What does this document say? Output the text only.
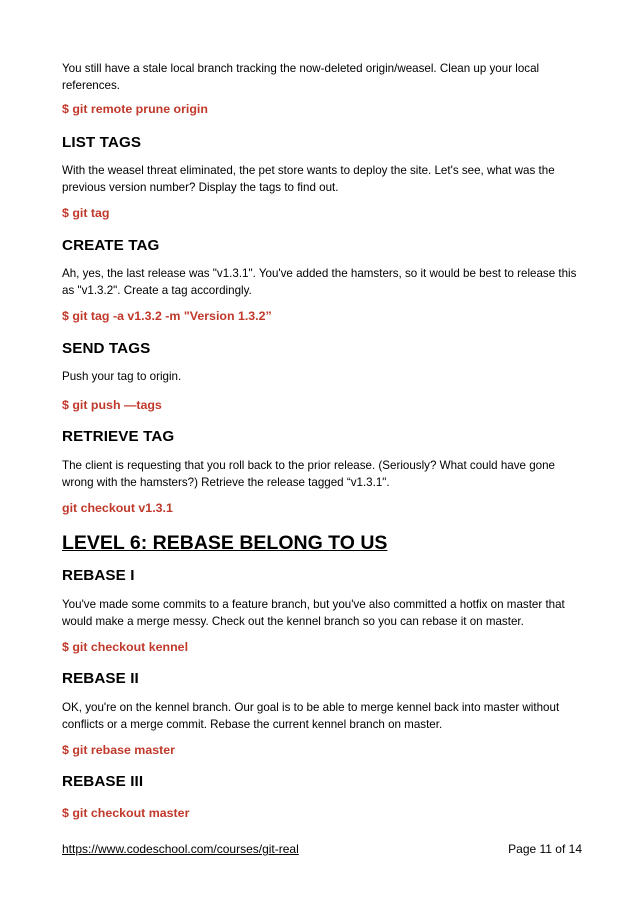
You still have a stale local branch tracking the now-deleted origin/weasel. Clean up your local references.
$ git remote prune origin
LIST TAGS
With the weasel threat eliminated, the pet store wants to deploy the site. Let's see, what was the previous version number? Display the tags to find out.
$ git tag
CREATE TAG
Ah, yes, the last release was "v1.3.1". You've added the hamsters, so it would be best to release this as "v1.3.2". Create a tag accordingly.
$ git tag -a v1.3.2 -m "Version 1.3.2”
SEND TAGS
Push your tag to origin.
$ git push —tags
RETRIEVE TAG
The client is requesting that you roll back to the prior release. (Seriously? What could have gone wrong with the hamsters?) Retrieve the release tagged “v1.3.1".
git checkout v1.3.1
LEVEL 6: REBASE BELONG TO US
REBASE I
You've made some commits to a feature branch, but you've also committed a hotfix on master that would make a merge messy. Check out the kennel branch so you can rebase it on master.
$ git checkout kennel
REBASE II
OK, you're on the kennel branch. Our goal is to be able to merge kennel back into master without conflicts or a merge commit. Rebase the current kennel branch on master.
$ git rebase master
REBASE III
$ git checkout master
https://www.codeschool.com/courses/git-real	Page 11 of 14
